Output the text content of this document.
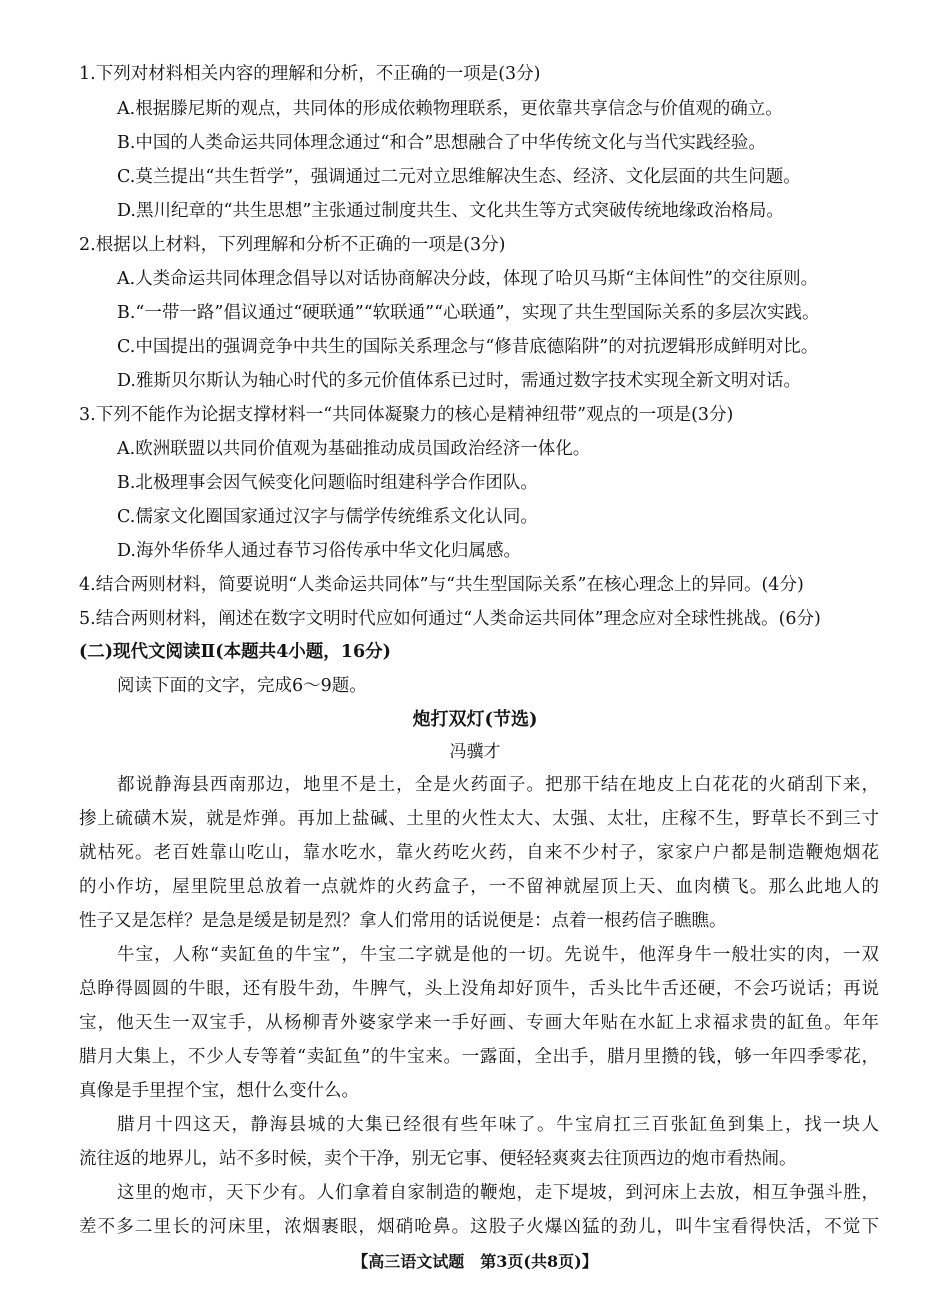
1.下列对材料相关内容的理解和分析，不正确的一项是(3分)
A.根据滕尼斯的观点，共同体的形成依赖物理联系，更依靠共享信念与价值观的确立。
B.中国的人类命运共同体理念通过“和合”思想融合了中华传统文化与当代实践经验。
C.莫兰提出“共生哲学”，强调通过二元对立思维解决生态、经济、文化层面的共生问题。
D.黑川纪章的“共生思想”主张通过制度共生、文化共生等方式突破传统地缘政治格局。
2.根据以上材料，下列理解和分析不正确的一项是(3分)
A.人类命运共同体理念倡导以对话协商解决分歧，体现了哈贝马斯“主体间性”的交往原则。
B.“一带一路”倡议通过“硬联通”“软联通”“心联通”，实现了共生型国际关系的多层次实践。
C.中国提出的强调竞争中共生的国际关系理念与“修昔底德陷阱”的对抗逻辑形成鲜明对比。
D.雅斯贝尔斯认为轴心时代的多元价值体系已过时，需通过数字技术实现全新文明对话。
3.下列不能作为论据支撑材料一“共同体凝聚力的核心是精神纽带”观点的一项是(3分)
A.欧洲联盟以共同价值观为基础推动成员国政治经济一体化。
B.北极理事会因气候变化问题临时组建科学合作团队。
C.儒家文化圈国家通过汉字与儒学传统维系文化认同。
D.海外华侨华人通过春节习俗传承中华文化归属感。
4.结合两则材料，简要说明“人类命运共同体”与“共生型国际关系”在核心理念上的异同。(4分)
5.结合两则材料，阐述在数字文明时代应如何通过“人类命运共同体”理念应对全球性挑战。(6分)
(二)现代文阅读Ⅱ(本题共4小题，16分)
阅读下面的文字，完成6～9题。
炮打双灯(节选)
冯骥才
都说静海县西南那边，地里不是土，全是火药面子。把那干结在地皮上白花花的火硝刮下来，
掺上硫磺木炭，就是炸弹。再加上盐碱、土里的火性太大、太强、太壮，庄稼不生，野草长不到三寸
就枯死。老百姓靠山吃山，靠水吃水，靠火药吃火药，自来不少村子，家家户户都是制造鞭炮烟花
的小作坊，屋里院里总放着一点就炸的火药盒子，一不留神就屋顶上天、血肉横飞。那么此地人的
性子又是怎样？是急是缓是韧是烈？拿人们常用的话说便是：点着一根药信子瞧瞧。
牛宝，人称“卖缸鱼的牛宝”，牛宝二字就是他的一切。先说牛，他浑身牛一般壮实的肉，一双
总睁得圆圆的牛眼，还有股牛劲，牛脾气，头上没角却好顶牛，舌头比牛舌还硬，不会巧说话；再说
宝，他天生一双宝手，从杨柳青外婆家学来一手好画、专画大年贴在水缸上求福求贵的缸鱼。年年
腊月大集上，不少人专等着“卖缸鱼”的牛宝来。一露面，全出手，腊月里攒的钱，够一年四季零花，
真像是手里捏个宝，想什么变什么。
腊月十四这天，静海县城的大集已经很有些年味了。牛宝肩扛三百张缸鱼到集上，找一块人
流往返的地界儿，站不多时候，卖个干净，别无它事、便轻轻爽爽去往顶西边的炮市看热闹。
这里的炮市，天下少有。人们拿着自家制造的鞭炮，走下堤坡，到河床上去放，相互争强斗胜，
差不多二里长的河床里，浓烟裹眼，烟硝呛鼻。这股子火爆凶猛的劲儿，叫牛宝看得快活，不觉下
【高三语文试题　第3页(共8页)】
